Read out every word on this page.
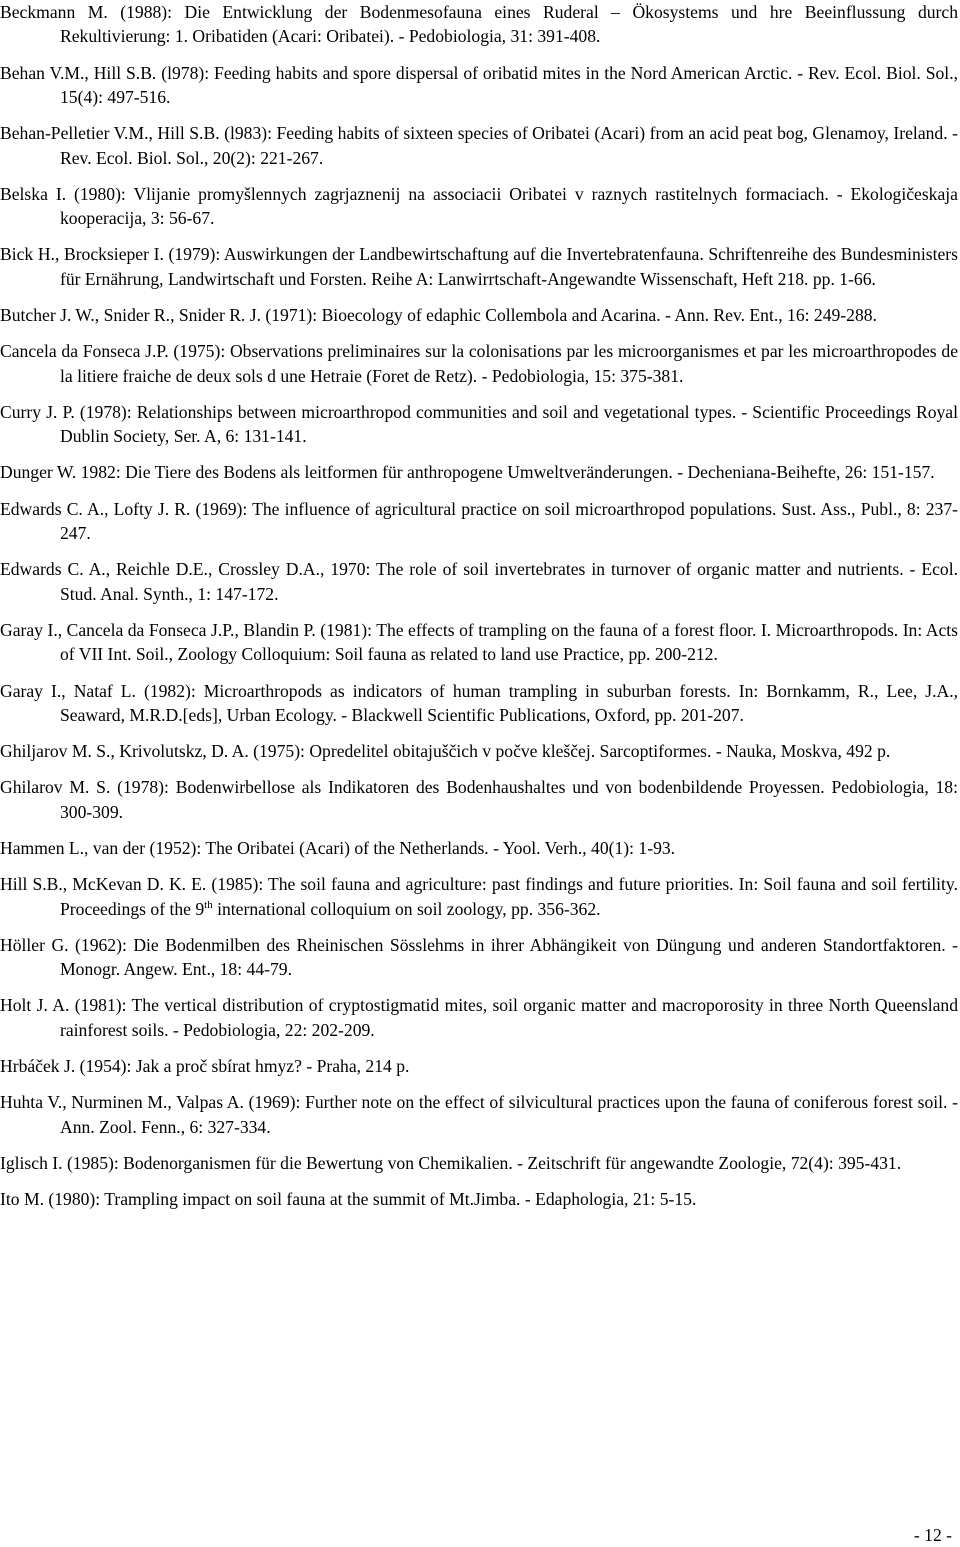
Beckmann M. (1988): Die Entwicklung der Bodenmesofauna eines Ruderal – Ökosystems und hre Beeinflussung durch Rekultivierung: 1. Oribatiden (Acari: Oribatei). - Pedobiologia, 31: 391-408.

Behan V.M., Hill S.B. (l978): Feeding habits and spore dispersal of oribatid mites in the Nord American Arctic. - Rev. Ecol. Biol. Sol., 15(4): 497-516.

Behan-Pelletier V.M., Hill S.B. (l983): Feeding habits of sixteen species of Oribatei (Acari) from an acid peat bog, Glenamoy, Ireland. - Rev. Ecol. Biol. Sol., 20(2): 221-267.

Belska I. (1980): Vlijanie promyšlennych zagrjaznenij na associacii Oribatei v raznych rastitelnych formaciach. - Ekologičeskaja kooperacija, 3: 56-67.

Bick H., Brocksieper I. (1979): Auswirkungen der Landbewirtschaftung auf die Invertebratenfauna. Schriftenreihe des Bundesministers für Ernährung, Landwirtschaft und Forsten. Reihe A: Lanwirrtschaft-Angewandte Wissenschaft, Heft 218. pp. 1-66.

Butcher J. W., Snider R., Snider R. J. (1971): Bioecology of edaphic Collembola and Acarina. - Ann. Rev. Ent., 16: 249-288.

Cancela da Fonseca J.P. (1975): Observations preliminaires sur la colonisations par les microorganismes et par les microarthropodes de la litiere fraiche de deux sols d une Hetraie (Foret de Retz). - Pedobiologia, 15: 375-381.

Curry J. P. (1978): Relationships between microarthropod communities and soil and vegetational types. - Scientific Proceedings Royal Dublin Society, Ser. A, 6: 131-141.

Dunger W. 1982: Die Tiere des Bodens als leitformen für anthropogene Umweltveränderungen. - Decheniana-Beihefte, 26: 151-157.

Edwards C. A., Lofty J. R. (1969): The influence of agricultural practice on soil microarthropod populations. Sust. Ass., Publ., 8: 237-247.

Edwards C. A., Reichle D.E., Crossley D.A., 1970: The role of soil invertebrates in turnover of organic matter and nutrients. - Ecol. Stud. Anal. Synth., 1: 147-172.

Garay I., Cancela da Fonseca J.P., Blandin P. (1981): The effects of trampling on the fauna of a forest floor. I. Microarthropods. In: Acts of VII Int. Soil., Zoology Colloquium: Soil fauna as related to land use Practice, pp. 200-212.

Garay I., Nataf L. (1982): Microarthropods as indicators of human trampling in suburban forests. In: Bornkamm, R., Lee, J.A., Seaward, M.R.D.[eds], Urban Ecology. - Blackwell Scientific Publications, Oxford, pp. 201-207.

Ghiljarov M. S., Krivolutskz, D. A. (1975): Opredelitel obitajuščich v počve kleščej. Sarcoptiformes. - Nauka, Moskva, 492 p.

Ghilarov M. S. (1978): Bodenwirbellose als Indikatoren des Bodenhaushaltes und von bodenbildende Proyessen. Pedobiologia, 18: 300-309.

Hammen L., van der (1952): The Oribatei (Acari) of the Netherlands. - Yool. Verh., 40(1): 1-93.

Hill S.B., McKevan D. K. E. (1985): The soil fauna and agriculture: past findings and future priorities. In: Soil fauna and soil fertility. Proceedings of the 9th international colloquium on soil zoology, pp. 356-362.

Höller G. (1962): Die Bodenmilben des Rheinischen Sösslehms in ihrer Abhängikeit von Düngung und anderen Standortfaktoren. - Monogr. Angew. Ent., 18: 44-79.

Holt J. A. (1981): The vertical distribution of cryptostigmatid mites, soil organic matter and macroporosity in three North Queensland rainforest soils. - Pedobiologia, 22: 202-209.

Hrbáček J. (1954): Jak a proč sbírat hmyz? - Praha, 214 p.

Huhta V., Nurminen M., Valpas A. (1969): Further note on the effect of silvicultural practices upon the fauna of coniferous forest soil. - Ann. Zool. Fenn., 6: 327-334.

Iglisch I. (1985): Bodenorganismen für die Bewertung von Chemikalien. - Zeitschrift für angewandte Zoologie, 72(4): 395-431.

Ito M. (1980): Trampling impact on soil fauna at the summit of Mt.Jimba. - Edaphologia, 21: 5-15.

- 12 -
